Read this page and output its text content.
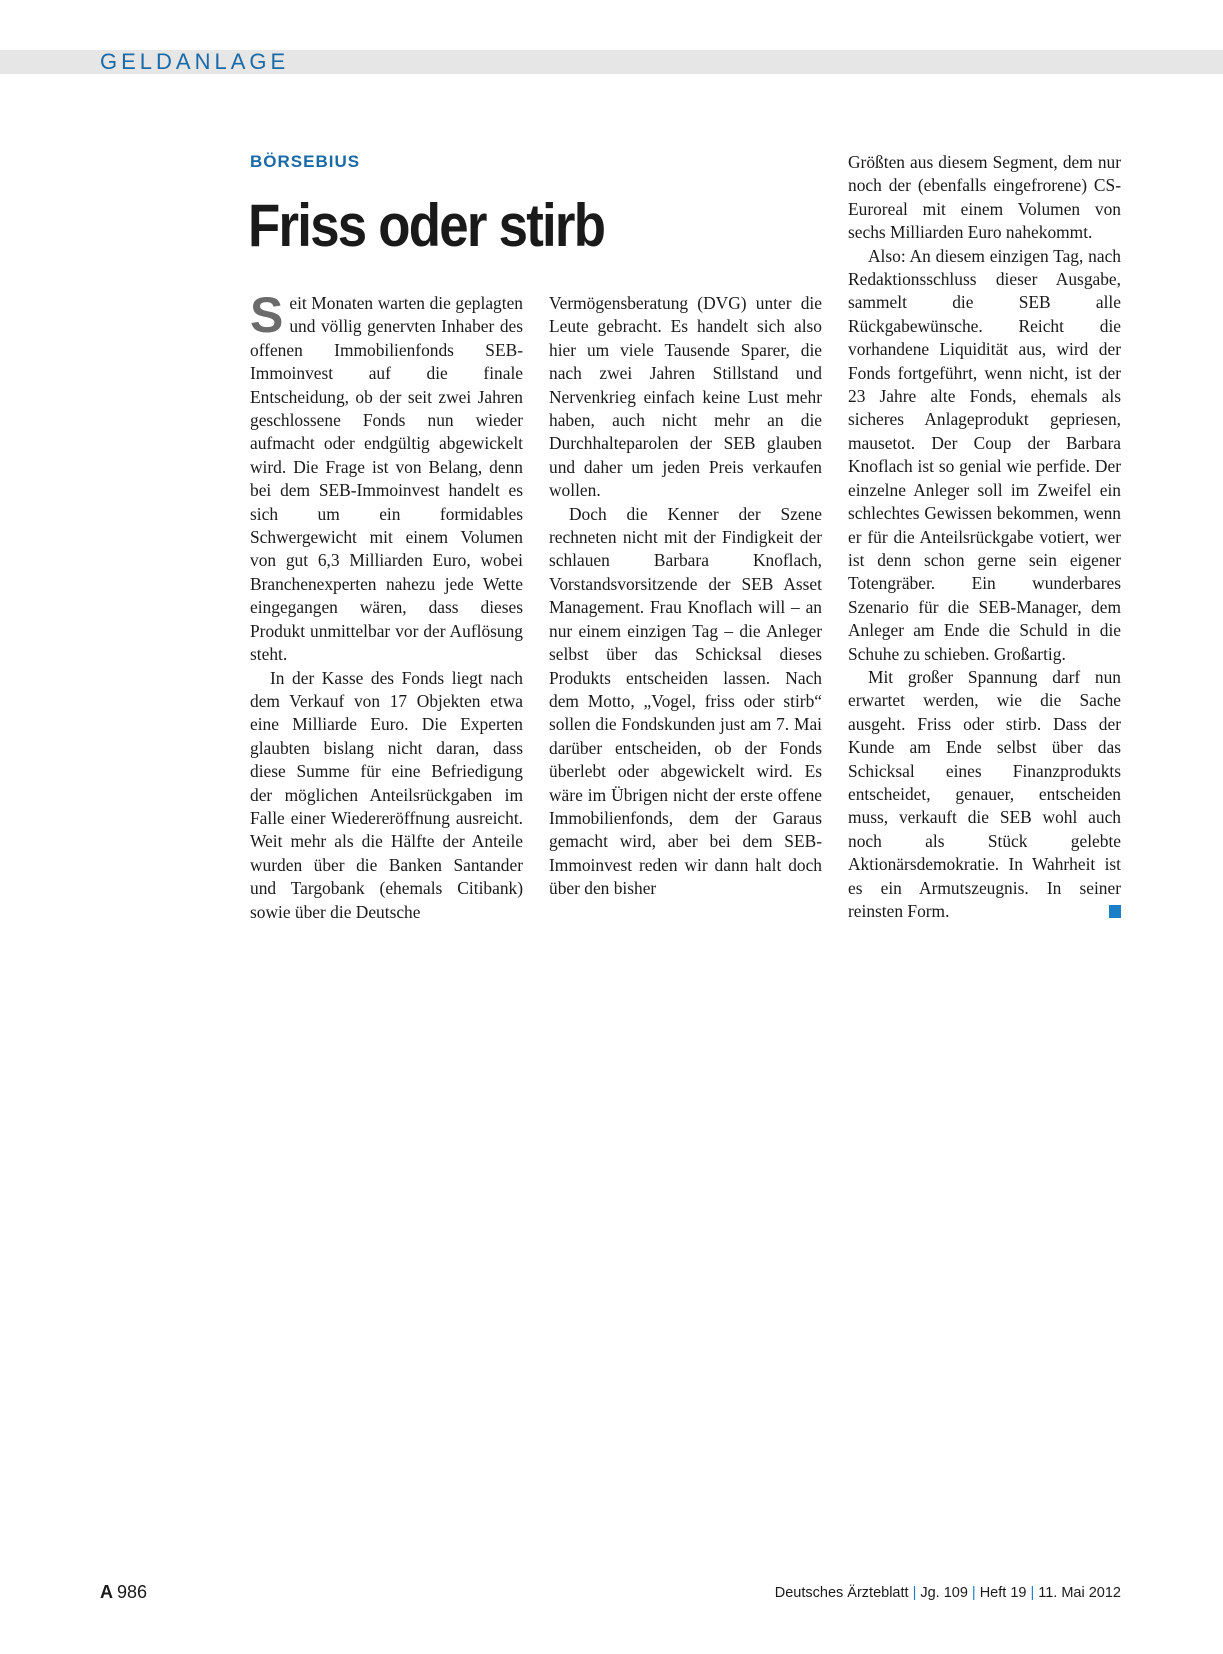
GELDANLAGE
BÖRSEBIUS
Friss oder stirb

Seit Monaten warten die geplagten und völlig genervten Inhaber des offenen Immobilienfonds SEB-Immoinvest auf die finale Entscheidung, ob der seit zwei Jahren geschlossene Fonds nun wieder aufmacht oder endgültig abgewickelt wird. Die Frage ist von Belang, denn bei dem SEB-Immoinvest handelt es sich um ein formidables Schwergewicht mit einem Volumen von gut 6,3 Milliarden Euro, wobei Branchenexperten nahezu jede Wette eingegangen wären, dass dieses Produkt unmittelbar vor der Auflösung steht.

In der Kasse des Fonds liegt nach dem Verkauf von 17 Objekten etwa eine Milliarde Euro. Die Experten glaubten bislang nicht daran, dass diese Summe für eine Befriedigung der möglichen Anteilsrückgaben im Falle einer Wiedereröffnung ausreicht. Weit mehr als die Hälfte der Anteile wurden über die Banken Santander und Targobank (ehemals Citibank) sowie über die Deutsche

Vermögensberatung (DVG) unter die Leute gebracht. Es handelt sich also hier um viele Tausende Sparer, die nach zwei Jahren Stillstand und Nervenkrieg einfach keine Lust mehr haben, auch nicht mehr an die Durchhalteparolen der SEB glauben und daher um jeden Preis verkaufen wollen.

Doch die Kenner der Szene rechneten nicht mit der Findigkeit der schlauen Barbara Knoflach, Vorstandsvorsitzende der SEB Asset Management. Frau Knoflach will – an nur einem einzigen Tag – die Anleger selbst über das Schicksal dieses Produkts entscheiden lassen. Nach dem Motto, „Vogel, friss oder stirb“ sollen die Fondskunden just am 7. Mai darüber entscheiden, ob der Fonds überlebt oder abgewickelt wird. Es wäre im Übrigen nicht der erste offene Immobilienfonds, dem der Garaus gemacht wird, aber bei dem SEB-Immoinvest reden wir dann halt doch über den bisher

Größten aus diesem Segment, dem nur noch der (ebenfalls eingefrorene) CS-Euroreal mit einem Volumen von sechs Milliarden Euro nahekommt.

Also: An diesem einzigen Tag, nach Redaktionsschluss dieser Ausgabe, sammelt die SEB alle Rückgabewünsche. Reicht die vorhandene Liquidität aus, wird der Fonds fortgeführt, wenn nicht, ist der 23 Jahre alte Fonds, ehemals als sicheres Anlageprodukt gepriesen, mausetot. Der Coup der Barbara Knoflach ist so genial wie perfide. Der einzelne Anleger soll im Zweifel ein schlechtes Gewissen bekommen, wenn er für die Anteilsrückgabe votiert, wer ist denn schon gerne sein eigener Totengräber. Ein wunderbares Szenario für die SEB-Manager, dem Anleger am Ende die Schuld in die Schuhe zu schieben. Großartig.

Mit großer Spannung darf nun erwartet werden, wie die Sache ausgeht. Friss oder stirb. Dass der Kunde am Ende selbst über das Schicksal eines Finanzprodukts entscheidet, genauer, entscheiden muss, verkauft die SEB wohl auch noch als Stück gelebte Aktionärsdemokratie. In Wahrheit ist es ein Armutszeugnis. In seiner reinsten Form.

A 986	Deutsches Ärzteblatt | Jg. 109 | Heft 19 | 11. Mai 2012
